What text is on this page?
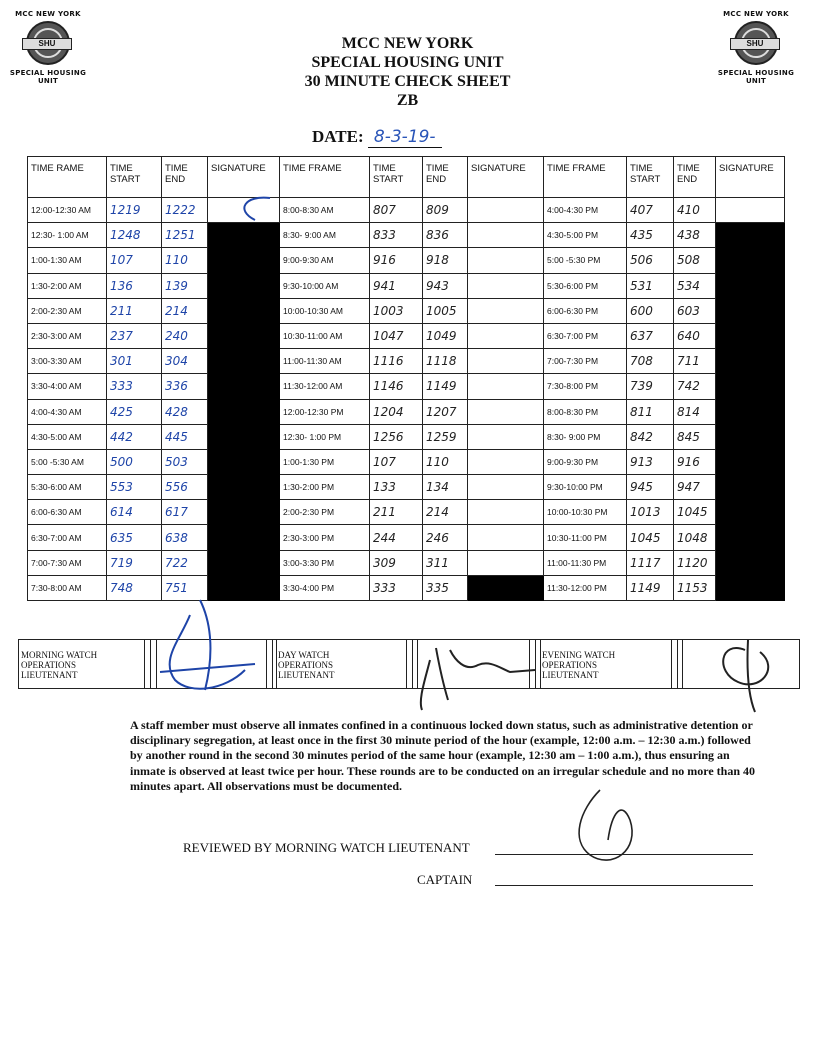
MCC NEW YORK
SHU
SPECIAL HOUSING UNIT
MCC NEW YORK
SHU
SPECIAL HOUSING UNIT
MCC NEW YORK
SPECIAL HOUSING UNIT
30 MINUTE CHECK SHEET
ZB
DATE: 8-3-19-
TIME RAME	TIME START	TIME END	SIGNATURE	TIME FRAME	TIME START	TIME END	SIGNATURE	TIME FRAME	TIME START	TIME END	SIGNATURE
12:00-12:30 AM	1219	1222		8:00-8:30 AM	807	809		4:00-4:30 PM	407	410	
12:30- 1:00 AM	1248	1251		8:30- 9:00 AM	833	836		4:30-5:00 PM	435	438	
1:00-1:30 AM	107	110		9:00-9:30 AM	916	918		5:00 -5:30 PM	506	508	
1:30-2:00 AM	136	139		9:30-10:00 AM	941	943		5:30-6:00 PM	531	534	
2:00-2:30 AM	211	214		10:00-10:30 AM	1003	1005		6:00-6:30 PM	600	603	
2:30-3:00 AM	237	240		10:30-11:00 AM	1047	1049		6:30-7:00 PM	637	640	
3:00-3:30 AM	301	304		11:00-11:30 AM	1116	1118		7:00-7:30 PM	708	711	
3:30-4:00 AM	333	336		11:30-12:00 AM	1146	1149		7:30-8:00 PM	739	742	
4:00-4:30 AM	425	428		12:00-12:30 PM	1204	1207		8:00-8:30 PM	811	814	
4:30-5:00 AM	442	445		12:30- 1:00 PM	1256	1259		8:30- 9:00 PM	842	845	
5:00 -5:30 AM	500	503		1:00-1:30 PM	107	110		9:00-9:30 PM	913	916	
5:30-6:00 AM	553	556		1:30-2:00 PM	133	134		9:30-10:00 PM	945	947	
6:00-6:30 AM	614	617		2:00-2:30 PM	211	214		10:00-10:30 PM	1013	1045	
6:30-7:00 AM	635	638		2:30-3:00 PM	244	246		10:30-11:00 PM	1045	1048	
7:00-7:30 AM	719	722		3:00-3:30 PM	309	311		11:00-11:30 PM	1117	1120	
7:30-8:00 AM	748	751		3:30-4:00 PM	333	335		11:30-12:00 PM	1149	1153	
MORNING WATCH
OPERATIONS
LIEUTENANT
DAY WATCH
OPERATIONS
LIEUTENANT
EVENING WATCH
OPERATIONS
LIEUTENANT
A staff member must observe all inmates confined in a continuous locked down status, such as administrative detention or disciplinary segregation, at least once in the first 30 minute period of the hour (example, 12:00 a.m. – 12:30 a.m.) followed by another round in the second 30 minutes period of the same hour (example, 12:30 am – 1:00 a.m.), thus ensuring an inmate is observed at least twice per hour. These rounds are to be conducted on an irregular schedule and no more than 40 minutes apart. All observations must be documented.
REVIEWED BY MORNING WATCH LIEUTENANT
CAPTAIN
